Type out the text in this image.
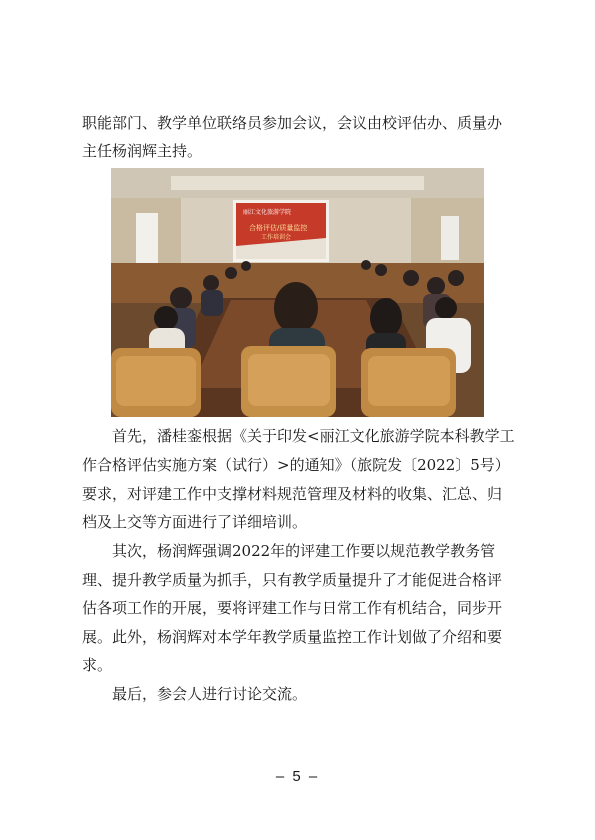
职能部门、教学单位联络员参加会议，会议由校评估办、质量办
主任杨润辉主持。
丽江文化旅游学院
合格评估/质量监控
工作培训会
首先，潘桂銮根据《关于印发<丽江文化旅游学院本科教学工
作合格评估实施方案（试行）>的通知》（旅院发〔2022〕5号）
要求，对评建工作中支撑材料规范管理及材料的收集、汇总、归
档及上交等方面进行了详细培训。
其次，杨润辉强调2022年的评建工作要以规范教学教务管
理、提升教学质量为抓手，只有教学质量提升了才能促进合格评
估各项工作的开展，要将评建工作与日常工作有机结合，同步开
展。此外，杨润辉对本学年教学质量监控工作计划做了介绍和要
求。
最后，参会人进行讨论交流。
– 5 –
